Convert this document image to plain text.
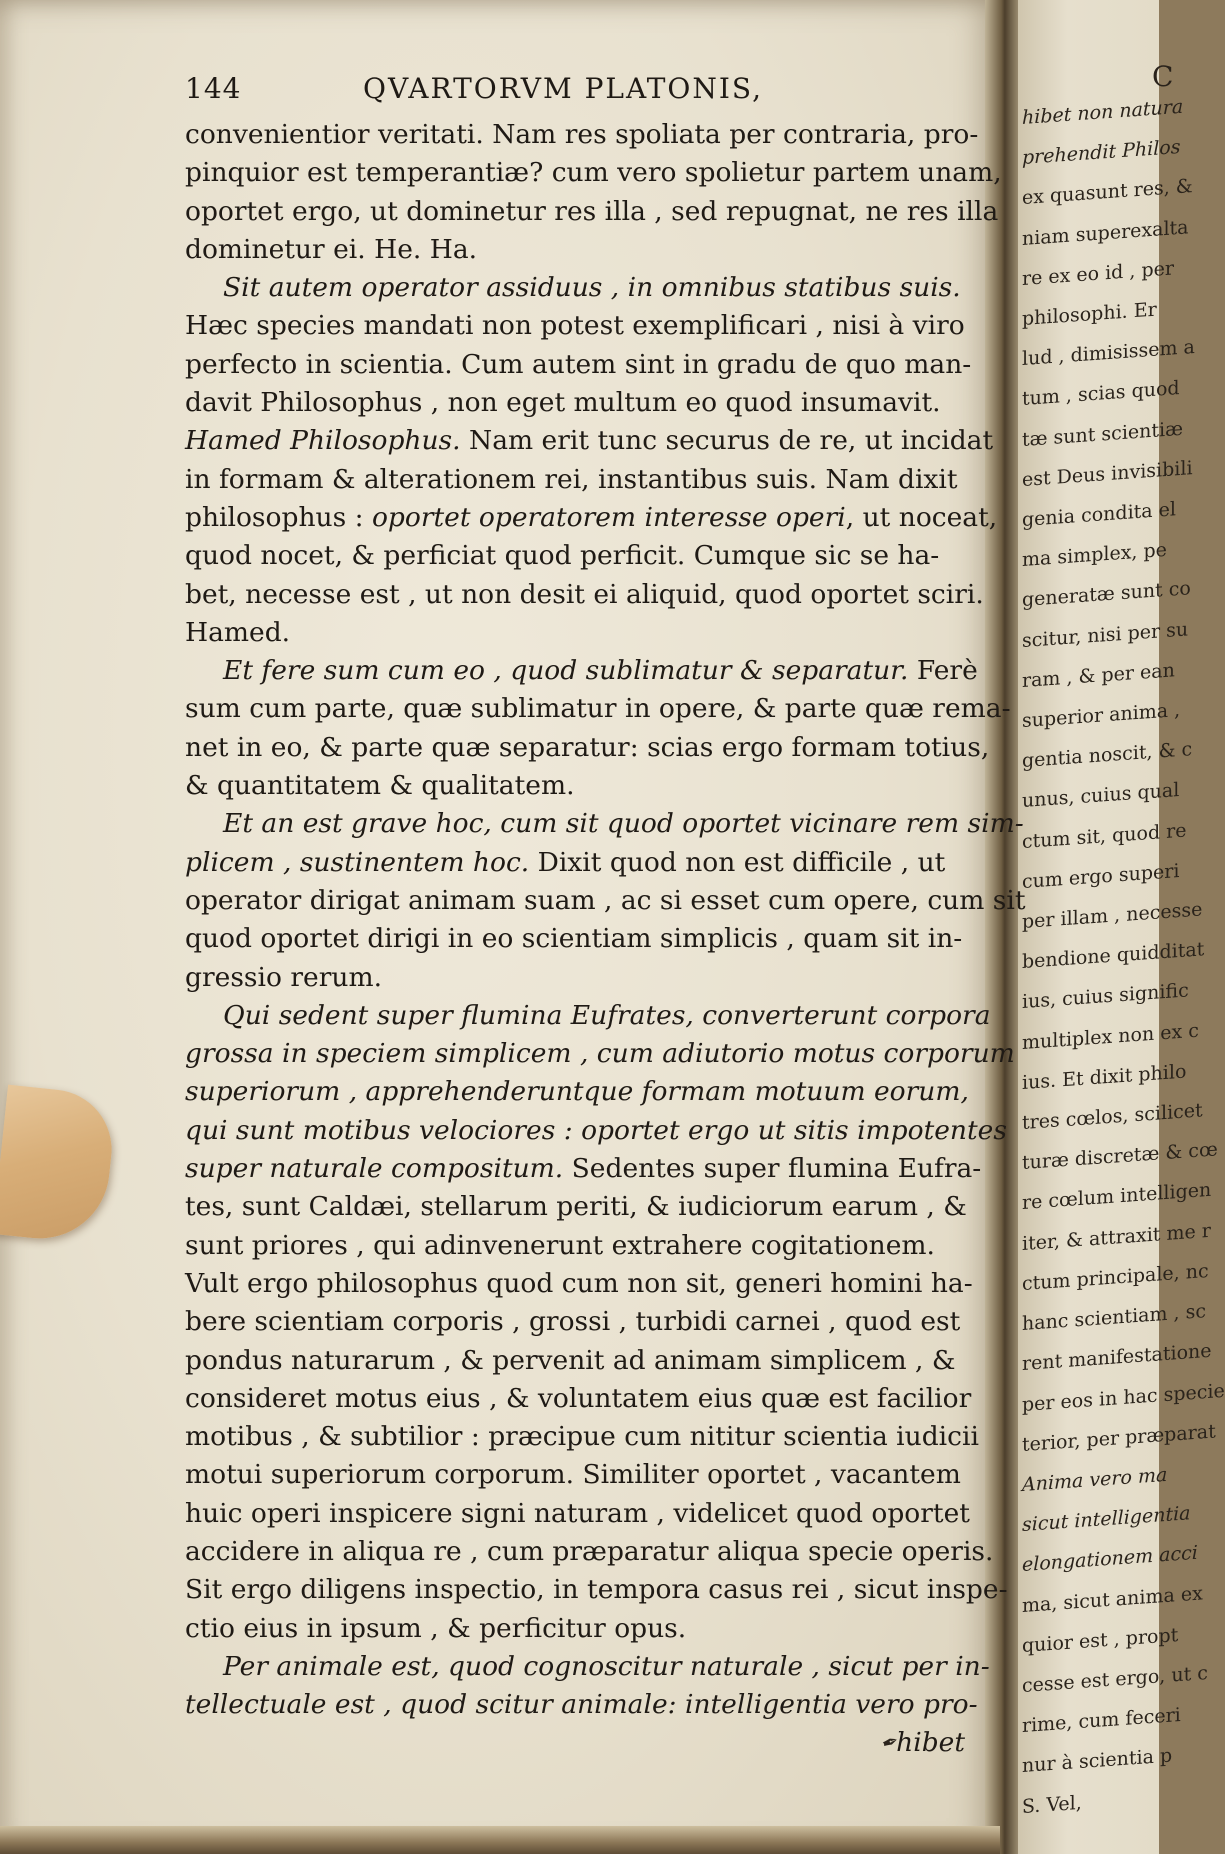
144	QVARTORVM PLATONIS,
convenientior veritati. Nam res spoliata per contraria, pro-
pinquior est temperantiæ? cum vero spolietur partem unam,
oportet ergo, ut dominetur res illa , sed repugnat, ne res illa
dominetur ei. He. Ha.
Sit autem operator assiduus , in omnibus statibus suis.
Hæc species mandati non potest exemplificari , nisi à viro
perfecto in scientia. Cum autem sint in gradu de quo man-
davit Philosophus , non eget multum eo quod insumavit.
Hamed Philosophus. Nam erit tunc securus de re, ut incidat
in formam & alterationem rei, instantibus suis. Nam dixit
philosophus : oportet operatorem interesse operi, ut noceat,
quod nocet, & perficiat quod perficit. Cumque sic se ha-
bet, necesse est , ut non desit ei aliquid, quod oportet sciri.
Hamed.
Et fere sum cum eo , quod sublimatur & separatur. Ferè
sum cum parte, quæ sublimatur in opere, & parte quæ rema-
net in eo, & parte quæ separatur: scias ergo formam totius,
& quantitatem & qualitatem.
Et an est grave hoc, cum sit quod oportet vicinare rem sim-
plicem , sustinentem hoc. Dixit quod non est difficile , ut
operator dirigat animam suam , ac si esset cum opere, cum sit
quod oportet dirigi in eo scientiam simplicis , quam sit in-
gressio rerum.
Qui sedent super flumina Eufrates, converterunt corpora
grossa in speciem simplicem , cum adiutorio motus corporum
superiorum , apprehenderuntque formam motuum eorum,
qui sunt motibus velociores : oportet ergo ut sitis impotentes
super naturale compositum. Sedentes super flumina Eufra-
tes, sunt Caldæi, stellarum periti, & iudiciorum earum , &
sunt priores , qui adinvenerunt extrahere cogitationem.
Vult ergo philosophus quod cum non sit, generi homini ha-
bere scientiam corporis , grossi , turbidi carnei , quod est
pondus naturarum , & pervenit ad animam simplicem , &
consideret motus eius , & voluntatem eius quæ est facilior
motibus , & subtilior : præcipue cum nititur scientia iudicii
motui superiorum corporum. Similiter oportet , vacantem
huic operi inspicere signi naturam , videlicet quod oportet
accidere in aliqua re , cum præparatur aliqua specie operis.
Sit ergo diligens inspectio, in tempora casus rei , sicut inspe-
ctio eius in ipsum , & perficitur opus.
Per animale est, quod cognoscitur naturale , sicut per in-
tellectuale est , quod scitur animale: intelligentia vero pro-
hibet
✒
C
hibet non natura
prehendit Philos
ex quasunt res, &
niam superexalta
re ex eo id , per
philosophi. Er
lud , dimisissem a
tum , scias quod
tæ sunt scientiæ
est Deus invisibili
genia condita el
ma simplex, pe
generatæ sunt co
scitur, nisi per su
ram , & per ean
superior anima ,
gentia noscit, & c
unus, cuius qual
ctum sit, quod re
cum ergo superi
per illam , necesse
bendione quidditat
ius, cuius signific
multiplex non ex c
ius. Et dixit philo
tres cœlos, scilicet
turæ discretæ & cœ
re cœlum intelligen
iter, & attraxit me r
ctum principale, nc
hanc scientiam , sc
rent manifestatione
per eos in hac specie
terior, per præparat
Anima vero ma
sicut intelligentia
elongationem acci
ma, sicut anima ex
quior est , propt
cesse est ergo, ut c
rime, cum feceri
nur à scientia p
S. Vel,
